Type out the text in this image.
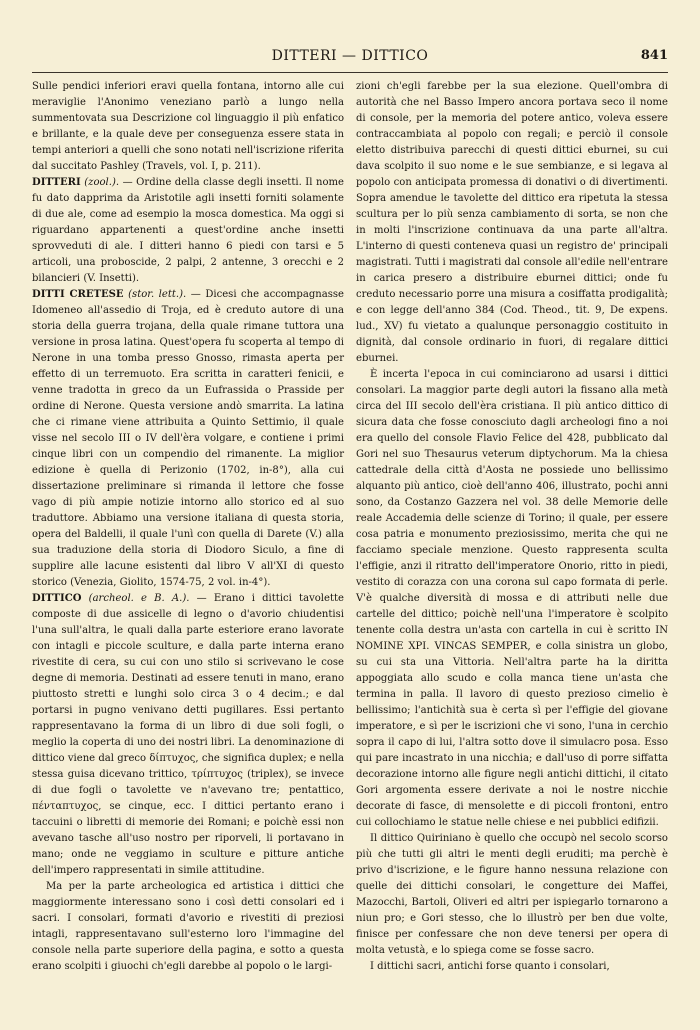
DITTERI — DITTICO	841

Sulle pendici inferiori eravi quella fontana, intorno alle cui meraviglie l'Anonimo veneziano parlò a lungo nella summentovata sua Descrizione col linguaggio il più enfatico e brillante, e la quale deve per conseguenza essere stata in tempi anteriori a quelli che sono notati nell'iscrizione riferita dal succitato Pashley (Travels, vol. I, p. 211).

DITTERI (zool.). — Ordine della classe degli insetti. Il nome fu dato dapprima da Aristotile agli insetti forniti solamente di due ale, come ad esempio la mosca domestica. Ma oggi si riguardano appartenenti a quest'ordine anche insetti sprovveduti di ale. I ditteri hanno 6 piedi con tarsi e 5 articoli, una proboscide, 2 palpi, 2 antenne, 3 orecchi e 2 bilancieri (V. Insetti).

DITTI CRETESE (stor. lett.). — Dicesi che accompagnasse Idomeneo all'assedio di Troja, ed è creduto autore di una storia della guerra trojana, della quale rimane tuttora una versione in prosa latina. Quest'opera fu scoperta al tempo di Nerone in una tomba presso Gnosso, rimasta aperta per effetto di un terremuoto. Era scritta in caratteri fenicii, e venne tradotta in greco da un Eufrassida o Prasside per ordine di Nerone. Questa versione andò smarrita. La latina che ci rimane viene attribuita a Quinto Settimio, il quale visse nel secolo III o IV dell'èra volgare, e contiene i primi cinque libri con un compendio del rimanente. La miglior edizione è quella di Perizonio (1702, in-8°), alla cui dissertazione preliminare si rimanda il lettore che fosse vago di più ampie notizie intorno allo storico ed al suo traduttore. Abbiamo una versione italiana di questa storia, opera del Baldelli, il quale l'unì con quella di Darete (V.) alla sua traduzione della storia di Diodoro Siculo, a fine di supplire alle lacune esistenti dal libro V all'XI di questo storico (Venezia, Giolito, 1574-75, 2 vol. in-4°).

DITTICO (archeol. e B. A.). — Erano i dittici tavolette composte di due assicelle di legno o d'avorio chiudentisi l'una sull'altra, le quali dalla parte esteriore erano lavorate con intagli e piccole sculture, e dalla parte interna erano rivestite di cera, su cui con uno stilo si scrivevano le cose degne di memoria. Destinati ad essere tenuti in mano, erano piuttosto stretti e lunghi solo circa 3 o 4 decim.; e dal portarsi in pugno venivano detti pugillares. Essi pertanto rappresentavano la forma di un libro di due soli fogli, o meglio la coperta di uno dei nostri libri. La denominazione di dittico viene dal greco δίπτυχος, che significa duplex; e nella stessa guisa dicevano trittico, τρίπτυχος (triplex), se invece di due fogli o tavolette ve n'avevano tre; pentattico, πένταπτυχος, se cinque, ecc. I dittici pertanto erano i taccuini o libretti di memorie dei Romani; e poichè essi non avevano tasche all'uso nostro per riporveli, li portavano in mano; onde ne veggiamo in sculture e pitture antiche dell'impero rappresentati in simile attitudine.

Ma per la parte archeologica ed artistica i dittici che maggiormente interessano sono i così detti consolari ed i sacri. I consolari, formati d'avorio e rivestiti di preziosi intagli, rappresentavano sull'esterno loro l'immagine del console nella parte superiore della pagina, e sotto a questa erano scolpiti i giuochi ch'egli darebbe al popolo o le largi-

zioni ch'egli farebbe per la sua elezione. Quell'ombra di autorità che nel Basso Impero ancora portava seco il nome di console, per la memoria del potere antico, voleva essere contraccambiata al popolo con regali; e perciò il console eletto distribuiva parecchi di questi dittici eburnei, su cui dava scolpito il suo nome e le sue sembianze, e si legava al popolo con anticipata promessa di donativi o di divertimenti. Sopra amendue le tavolette del dittico era ripetuta la stessa scultura per lo più senza cambiamento di sorta, se non che in molti l'inscrizione continuava da una parte all'altra. L'interno di questi conteneva quasi un registro de' principali magistrati. Tutti i magistrati dal console all'edile nell'entrare in carica presero a distribuire eburnei dittici; onde fu creduto necessario porre una misura a cosiffatta prodigalità; e con legge dell'anno 384 (Cod. Theod., tit. 9, De expens. lud., XV) fu vietato a qualunque personaggio costituito in dignità, dal console ordinario in fuori, di regalare dittici eburnei.

È incerta l'epoca in cui cominciarono ad usarsi i dittici consolari. La maggior parte degli autori la fissano alla metà circa del III secolo dell'èra cristiana. Il più antico dittico di sicura data che fosse conosciuto dagli archeologi fino a noi era quello del console Flavio Felice del 428, pubblicato dal Gori nel suo Thesaurus veterum diptychorum. Ma la chiesa cattedrale della città d'Aosta ne possiede uno bellissimo alquanto più antico, cioè dell'anno 406, illustrato, pochi anni sono, da Costanzo Gazzera nel vol. 38 delle Memorie delle reale Accademia delle scienze di Torino; il quale, per essere cosa patria e monumento preziosissimo, merita che qui ne facciamo speciale menzione. Questo rappresenta sculta l'effigie, anzi il ritratto dell'imperatore Onorio, ritto in piedi, vestito di corazza con una corona sul capo formata di perle. V'è qualche diversità di mossa e di attributi nelle due cartelle del dittico; poichè nell'una l'imperatore è scolpito tenente colla destra un'asta con cartella in cui è scritto IN NOMINE XPI. VINCAS SEMPER, e colla sinistra un globo, su cui sta una Vittoria. Nell'altra parte ha la diritta appoggiata allo scudo e colla manca tiene un'asta che termina in palla. Il lavoro di questo prezioso cimelio è bellissimo; l'antichità sua è certa sì per l'effigie del giovane imperatore, e sì per le iscrizioni che vi sono, l'una in cerchio sopra il capo di lui, l'altra sotto dove il simulacro posa. Esso qui pare incastrato in una nicchia; e dall'uso di porre siffatta decorazione intorno alle figure negli antichi dittichi, il citato Gori argomenta essere derivate a noi le nostre nicchie decorate di fasce, di mensolette e di piccoli frontoni, entro cui collochiamo le statue nelle chiese e nei pubblici edifizii.

Il dittico Quiriniano è quello che occupò nel secolo scorso più che tutti gli altri le menti degli eruditi; ma perchè è privo d'iscrizione, e le figure hanno nessuna relazione con quelle dei dittichi consolari, le congetture dei Maffei, Mazocchi, Bartoli, Oliveri ed altri per ispiegarlo tornarono a niun pro; e Gori stesso, che lo illustrò per ben due volte, finisce per confessare che non deve tenersi per opera di molta vetustà, e lo spiega come se fosse sacro.

I dittichi sacri, antichi forse quanto i consolari,
